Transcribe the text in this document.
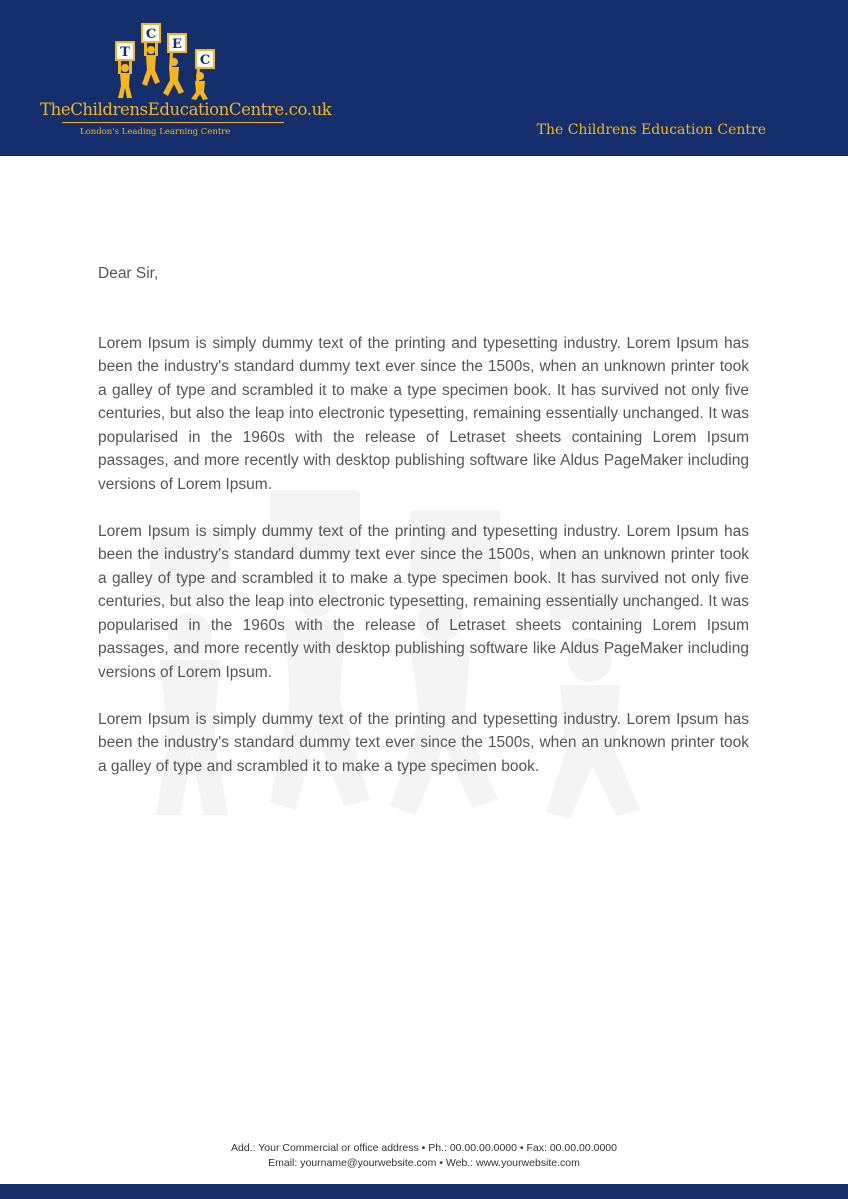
T
C
E
C
TheChildrensEducationCentre.co.uk
London's Leading Learning Centre	The Childrens Education Centre

Dear Sir,

Lorem Ipsum is simply dummy text of the printing and typesetting industry. Lorem Ipsum has been the industry's standard dummy text ever since the 1500s, when an unknown printer took a galley of type and scrambled it to make a type specimen book. It has survived not only five centuries, but also the leap into electronic typesetting, remaining essentially unchanged. It was popularised in the 1960s with the release of Letraset sheets containing Lorem Ipsum passages, and more recently with desktop publishing software like Aldus PageMaker including versions of Lorem Ipsum.

Lorem Ipsum is simply dummy text of the printing and typesetting industry. Lorem Ipsum has been the industry's standard dummy text ever since the 1500s, when an unknown printer took a galley of type and scrambled it to make a type specimen book. It has survived not only five centuries, but also the leap into electronic typesetting, remaining essentially unchanged. It was popularised in the 1960s with the release of Letraset sheets containing Lorem Ipsum passages, and more recently with desktop publishing software like Aldus PageMaker including versions of Lorem Ipsum.

Lorem Ipsum is simply dummy text of the printing and typesetting industry. Lorem Ipsum has been the industry's standard dummy text ever since the 1500s, when an unknown printer took a galley of type and scrambled it to make a type specimen book.

Add.: Your Commercial or office address • Ph.: 00.00.00.0000 • Fax: 00.00.00.0000
Email: yourname@yourwebsite.com • Web.: www.yourwebsite.com
